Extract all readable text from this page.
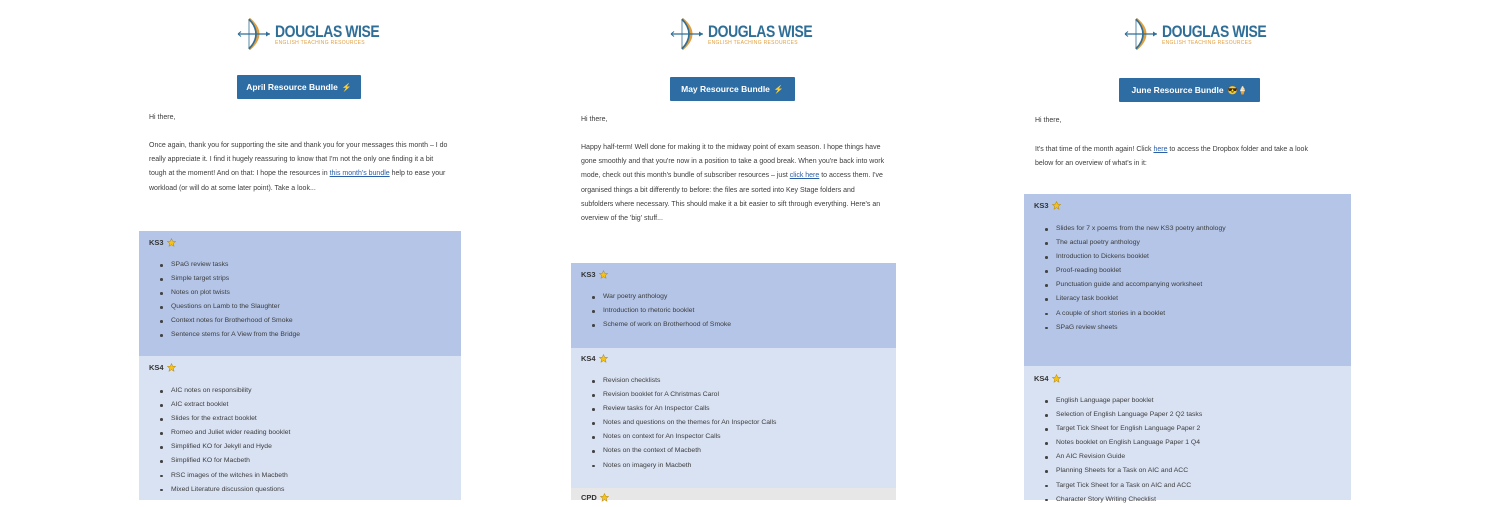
DOUGLAS WISE
ENGLISH TEACHING RESOURCES
April Resource Bundle ⚡

Hi there,

Once again, thank you for supporting the site and thank you for your messages this month – I do really appreciate it. I find it hugely reassuring to know that I'm not the only one finding it a bit tough at the moment! And on that: I hope the resources in this month's bundle help to ease your workload (or will do at some later point). Take a look...

KS3
SPaG review tasks
Simple target strips
Notes on plot twists
Questions on Lamb to the Slaughter
Context notes for Brotherhood of Smoke
Sentence stems for A View from the Bridge
KS4
AIC notes on responsibility
AIC extract booklet
Slides for the extract booklet
Romeo and Juliet wider reading booklet
Simplified KO for Jekyll and Hyde
Simplified KO for Macbeth
RSC images of the witches in Macbeth
Mixed Literature discussion questions
DOUGLAS WISE
ENGLISH TEACHING RESOURCES
May Resource Bundle ⚡

Hi there,

Happy half-term! Well done for making it to the midway point of exam season. I hope things have gone smoothly and that you're now in a position to take a good break. When you're back into work mode, check out this month's bundle of subscriber resources – just click here to access them. I've organised things a bit differently to before: the files are sorted into Key Stage folders and subfolders where necessary. This should make it a bit easier to sift through everything. Here's an overview of the 'big' stuff...

KS3
War poetry anthology
Introduction to rhetoric booklet
Scheme of work on Brotherhood of Smoke
KS4
Revision checklists
Revision booklet for A Christmas Carol
Review tasks for An Inspector Calls
Notes and questions on the themes for An Inspector Calls
Notes on context for An Inspector Calls
Notes on the context of Macbeth
Notes on imagery in Macbeth
CPD
DOUGLAS WISE
ENGLISH TEACHING RESOURCES
June Resource Bundle 😎🍦

Hi there,

It's that time of the month again! Click here to access the Dropbox folder and take a look below for an overview of what's in it:

KS3
Slides for 7 x poems from the new KS3 poetry anthology
The actual poetry anthology
Introduction to Dickens booklet
Proof-reading booklet
Punctuation guide and accompanying worksheet
Literacy task booklet
A couple of short stories in a booklet
SPaG review sheets
KS4
English Language paper booklet
Selection of English Language Paper 2 Q2 tasks
Target Tick Sheet for English Language Paper 2
Notes booklet on English Language Paper 1 Q4
An AIC Revision Guide
Planning Sheets for a Task on AIC and ACC
Target Tick Sheet for a Task on AIC and ACC
Character Story Writing Checklist
